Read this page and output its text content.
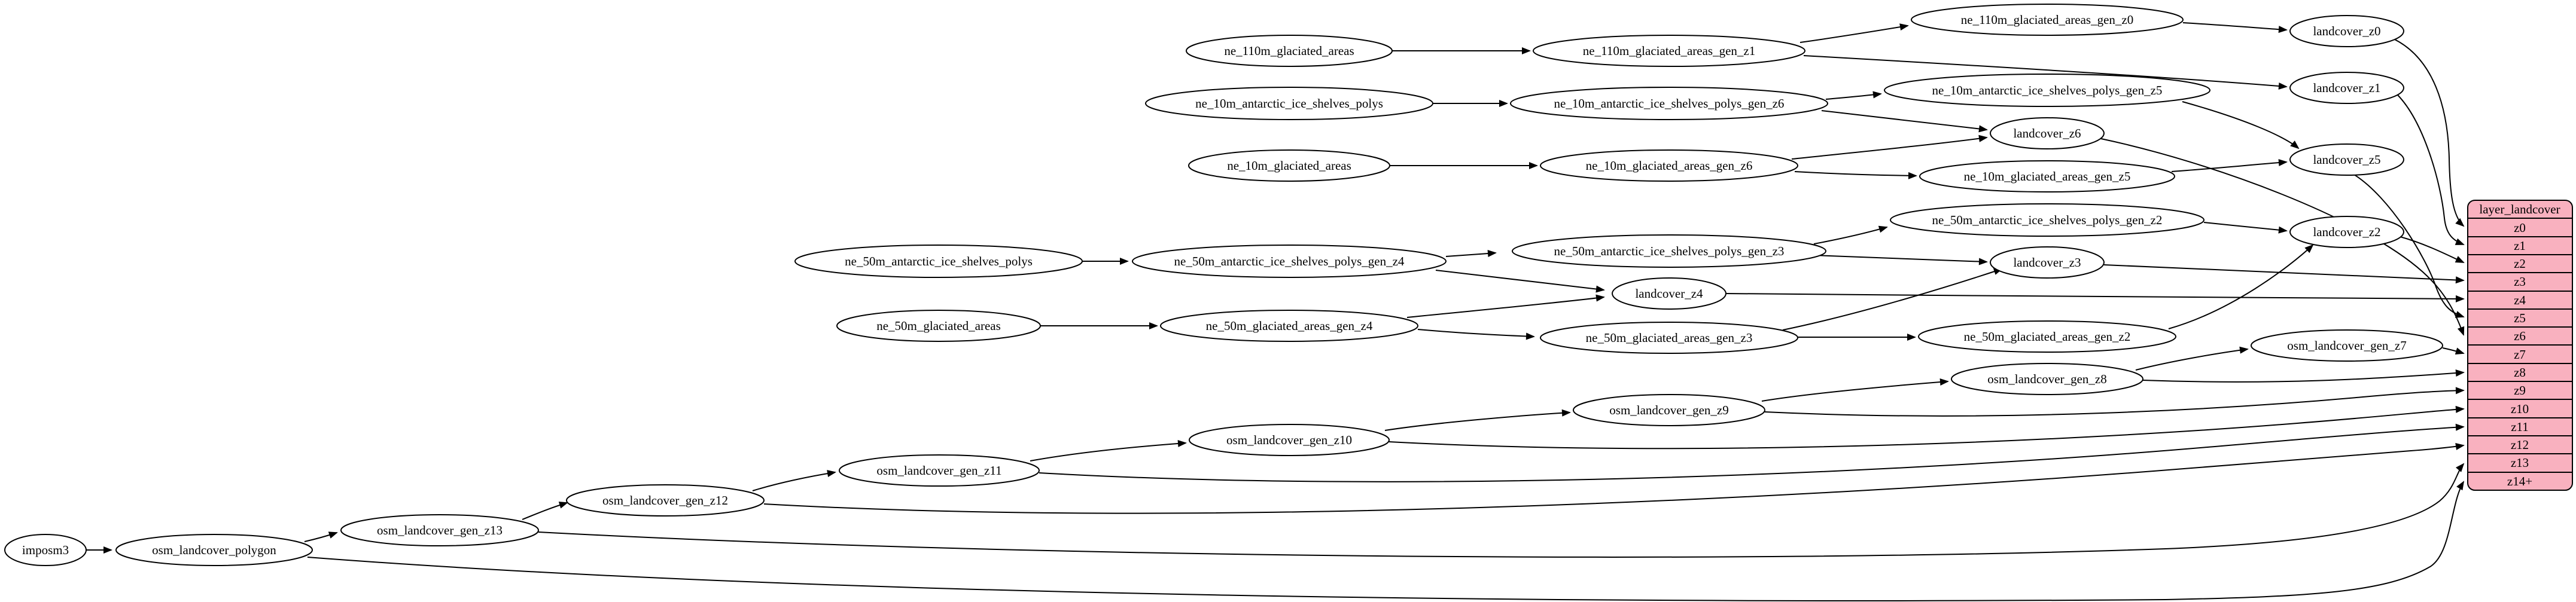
imposm3	osm_landcover_polygon
osm_landcover_gen_z13
osm_landcover_gen_z12
osm_landcover_gen_z11
osm_landcover_gen_z10
osm_landcover_gen_z9
osm_landcover_gen_z8
osm_landcover_gen_z7
ne_50m_antarctic_ice_shelves_polys	ne_50m_antarctic_ice_shelves_polys_gen_z4
ne_50m_antarctic_ice_shelves_polys_gen_z3
ne_50m_antarctic_ice_shelves_polys_gen_z2
ne_50m_glaciated_areas	ne_50m_glaciated_areas_gen_z4
ne_50m_glaciated_areas_gen_z3	ne_50m_glaciated_areas_gen_z2
ne_110m_glaciated_areas	ne_110m_glaciated_areas_gen_z1
ne_110m_glaciated_areas_gen_z0
ne_10m_antarctic_ice_shelves_polys	ne_10m_antarctic_ice_shelves_polys_gen_z6
ne_10m_antarctic_ice_shelves_polys_gen_z5
ne_10m_glaciated_areas	ne_10m_glaciated_areas_gen_z6
ne_10m_glaciated_areas_gen_z5
landcover_z0
landcover_z1
landcover_z2
landcover_z3
landcover_z4
landcover_z5
landcover_z6
layer_landcover
z0
z1
z2
z3
z4
z5
z6
z7
z8
z9
z10
z11
z12
z13
z14+
